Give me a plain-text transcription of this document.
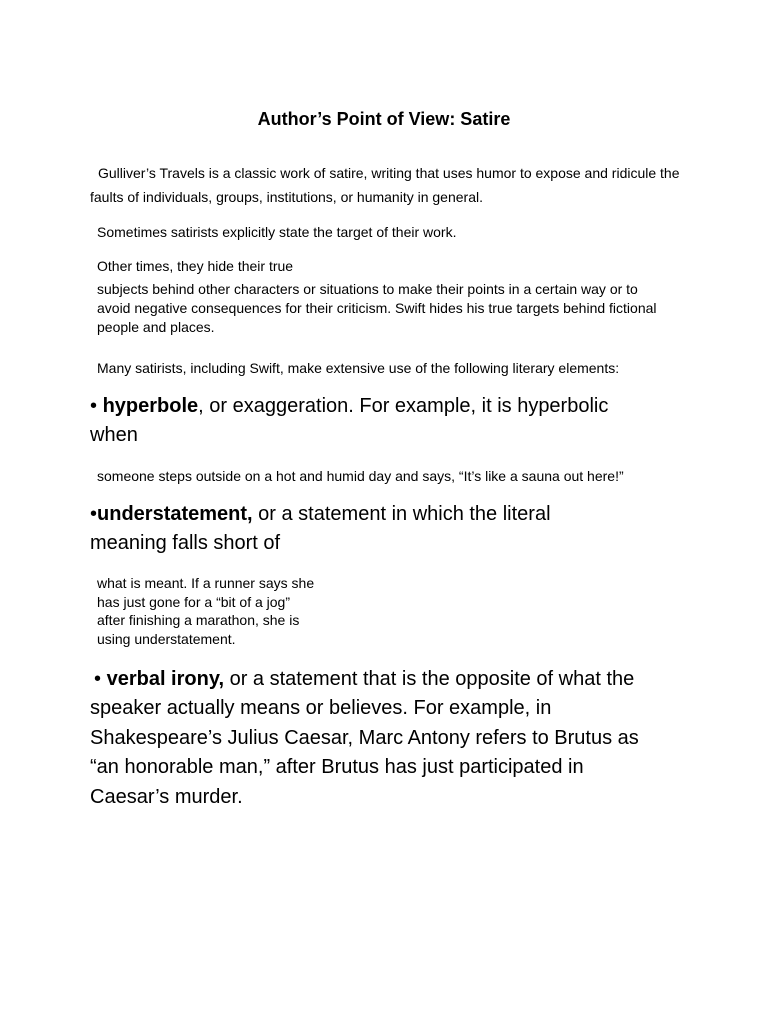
Author’s Point of View: Satire

Gulliver’s Travels is a classic work of satire, writing that uses humor to expose and ridicule the

faults of individuals, groups, institutions, or humanity in general.

Sometimes satirists explicitly state the target of their work.

Other times, they hide their true

subjects behind other characters or situations to make their points in a certain way or to

avoid negative consequences for their criticism. Swift hides his true targets behind fictional

people and places.

Many satirists, including Swift, make extensive use of the following literary elements:

• hyperbole, or exaggeration. For example, it is hyperbolic

when

someone steps outside on a hot and humid day and says, “It’s like a sauna out here!”

•understatement, or a statement in which the literal

meaning falls short of

what is meant. If a runner says she

has just gone for a “bit of a jog”

after finishing a marathon, she is

using understatement.

• verbal irony, or a statement that is the opposite of what the

speaker actually means or believes. For example, in

Shakespeare’s Julius Caesar, Marc Antony refers to Brutus as

“an honorable man,” after Brutus has just participated in

Caesar’s murder.
